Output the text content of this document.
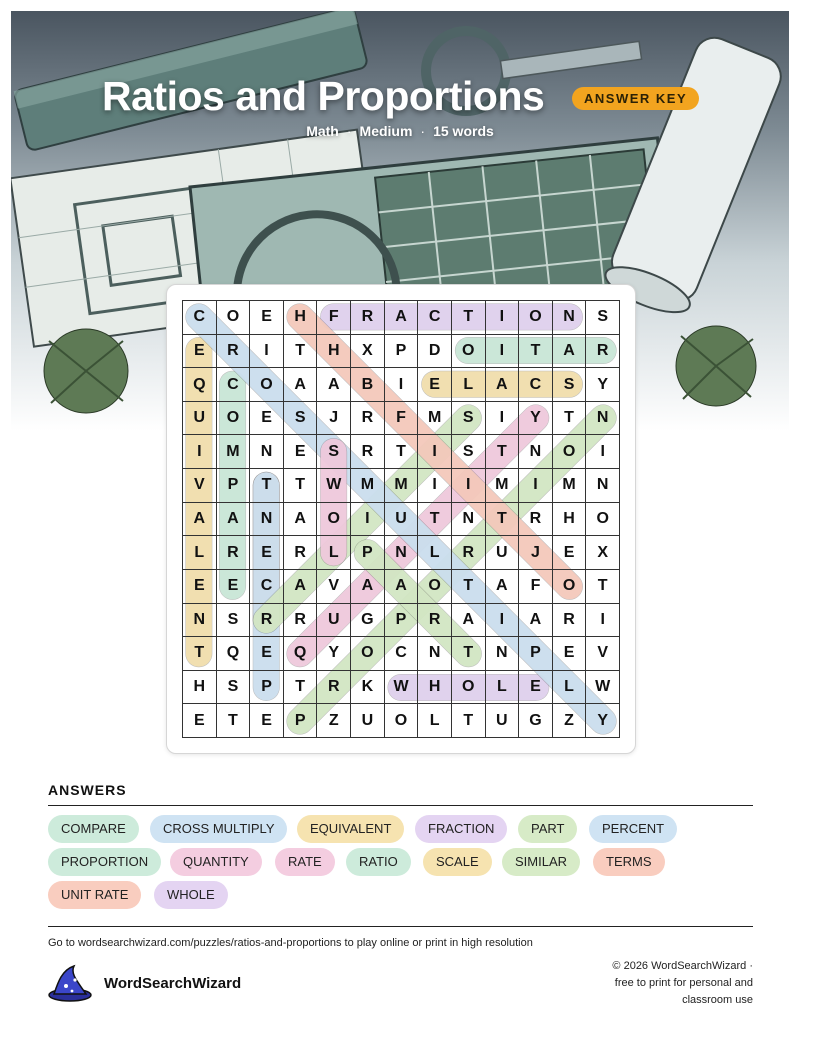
Ratios and Proportions	ANSWER KEY
Math · Medium · 15 words
C	O	E	H	F	R	A	C	T	I	O	N	S
E	R	I	T	H	X	P	D	O	I	T	A	R
Q	C	O	A	A	B	I	E	L	A	C	S	Y
U	O	E	S	J	R	F	M	S	I	Y	T	N
I	M	N	E	S	R	T	I	S	T	N	O	I
V	P	T	T	W	M	M	I	I	M	I	M	N
A	A	N	A	O	I	U	T	N	T	R	H	O
L	R	E	R	L	P	N	L	R	U	J	E	X
E	E	C	A	V	A	A	O	T	A	F	O	T
N	S	R	R	U	G	P	R	A	I	A	R	I
T	Q	E	Q	Y	O	C	N	T	N	P	E	V
H	S	P	T	R	K	W	H	O	L	E	L	W
E	T	E	P	Z	U	O	L	T	U	G	Z	Y
ANSWERS
COMPARE	CROSS MULTIPLY	EQUIVALENT	FRACTION	PART	PERCENT
PROPORTION	QUANTITY	RATE	RATIO	SCALE	SIMILAR	TERMS
UNIT RATE	WHOLE
Go to wordsearchwizard.com/puzzles/ratios-and-proportions to play online or print in high resolution
WordSearchWizard
© 2026 WordSearchWizard · free to print for personal and classroom use
